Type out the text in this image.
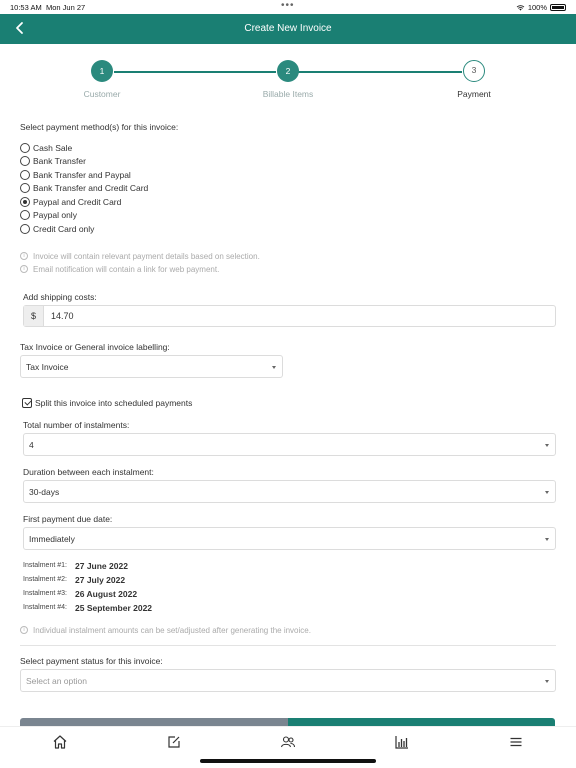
10:53 AM Mon Jun 27	•••	100%
Create New Invoice
1
Customer
2
Billable Items
3
Payment
Select payment method(s) for this invoice:
Cash Sale
Bank Transfer
Bank Transfer and Paypal
Bank Transfer and Credit Card
Paypal and Credit Card
Paypal only
Credit Card only
i	Invoice will contain relevant payment details based on selection.
i	Email notification will contain a link for web payment.
Add shipping costs:
$	14.70
Tax Invoice or General invoice labelling:
Tax Invoice
Split this invoice into scheduled payments
Total number of instalments:
4
Duration between each instalment:
30-days
First payment due date:
Immediately
Instalment #1: 27 June 2022
Instalment #2: 27 July 2022
Instalment #3: 26 August 2022
Instalment #4: 25 September 2022
i	Individual instalment amounts can be set/adjusted after generating the invoice.
Select payment status for this invoice:
Select an option
